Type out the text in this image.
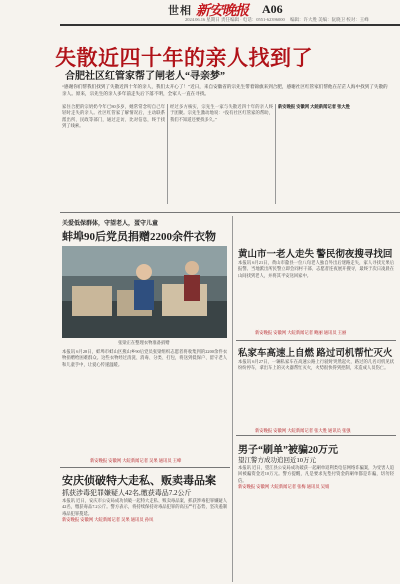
世相 新安晚报 A06
2024.06.16 星期日 责任编辑 · 电话：0551-62396000 编辑：许大胜 美编：阮晓卫 校对：王峰
失散近四十年的亲人找到了
合肥社区红管家帮了闸老人“寻亲梦”
“感谢你们帮我们找到了失散近四十年的亲人，我们太开心了！”近日，来自安徽省的宗先生带着锦旗来到合肥，感谢社区红管家们帮他在茫茫人海中找到了失散的亲人。原来，宗先生的亲人多年前走失后下落不明，全家人一直在寻找。
家住合肥的宗奶奶今年已80多岁，她常常念叨自己年轻时走失的亲人。社区红管家了解情况后，主动联系派出所、民政等部门，通过走访、比对信息，终于找到了线索。
经过多方核实，宗先生一家与失散近四十年的亲人终于团聚。宗先生激动地说：“没有社区红管家的帮助，我们不知道还要找多久。”
新安晚报 安徽网 大皖新闻记者 张大胜
关爱低保群体，守望老人，蛋守儿童
蚌埠90后党员捐赠2200余件衣物
张梁正在整理衣物准备捐赠
本报讯 6月28日，蚌埠市蚌山区燕山乡90后党员张梁组织志愿者将收集到的2200余件衣物捐赠给困难群众。这些衣物经过清洗、消毒、分类、打包，将送到低保户、留守老人和儿童手中，让爱心传递温暖。
新安晚报 安徽网 大皖新闻记者 吴果 通讯员 王峰
安庆侦破特大走私、贩卖毒品案
抓获涉毒犯罪嫌疑人42名,缴获毒品7.2公斤
本报讯 近日，安庆市公安局成功侦破一起特大走私、贩卖毒品案，抓获涉毒犯罪嫌疑人42名，缴获毒品7.2公斤。警方表示，将持续保持对毒品犯罪的高压严打态势，坚决遏制毒品犯罪蔓延。
新安晚报 安徽网 大皖新闻记者 吴果 通讯员 孙凤
黄山市一老人走失 警民彻夜搜寻找回
本报讯 6月21日，黄山市歙县一位八旬老人独自外出后迷路走失，家人寻找无果后报警。当地派出所民警立即会同村干部、志愿者连夜展开搜寻，最终于次日凌晨在山间找到老人，并将其平安送回家中。
新安晚报 安徽网 大皖新闻记者 鲍丽 通讯员 王丽
私家车高速上自燃 路过司机帮忙灭火
本报讯 6月27日，一辆私家车在高速公路上行驶时突然起火，路过的几名司机见状纷纷停车，拿出车上的灭火器帮忙灭火，火势很快得到控制，未造成人员伤亡。
新安晚报 安徽网 大皖新闻记者 张大胜 通讯员 张强
男子“刷单”被骗20万元
望江警方成功追回近10万元
本报讯 近日，望江县公安局成功破获一起刷单返利类电信网络诈骗案，为受害人追回被骗资金近10万元。警方提醒，凡是要求先垫付资金的刷单都是诈骗，切勿轻信。
新安晚报 安徽网 大皖新闻记者 张梅 通讯员 吴娟
